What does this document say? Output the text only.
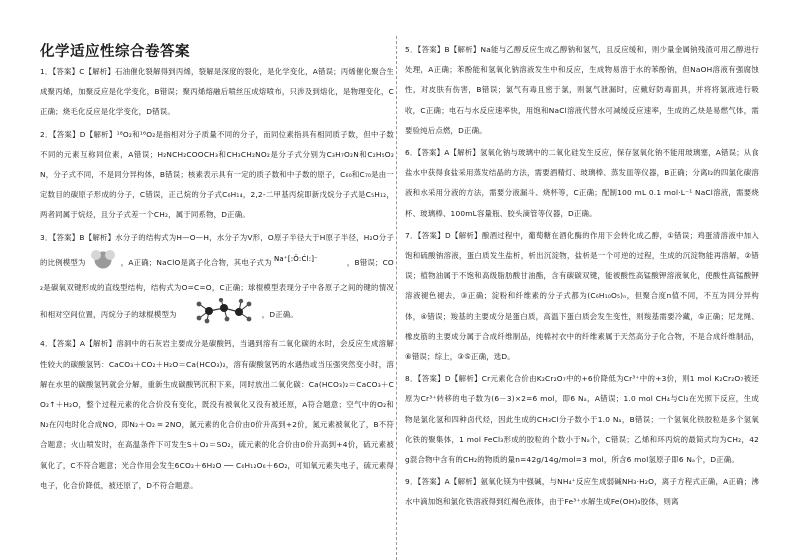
化学适应性综合卷答案

1．【答案】C【解析】石油催化裂解得到丙烯，裂解是深度的裂化，是化学变化，A错误；丙烯催化聚合生成聚丙烯，加聚反应是化学变化，B错误；聚丙烯熔融后喷丝压成熔喷布，只涉及到熔化，是物理变化，C正确；烧毛化反应是化学变化，D错误。

2．【答案】D【解析】¹⁸O₂和¹⁶O₂是指相对分子质量不同的分子，而同位素指具有相同质子数，但中子数不同的元素互称同位素，A错误；H₂NCH₂COOCH₃和CH₃CH₂NO₂是分子式分别为C₃H₇O₂N和C₂H₅O₂N，分子式不同，不是同分异构体，B错误；核素表示具有一定的质子数和中子数的原子，C₆₀和C₇₀是由一定数目的碳原子形成的分子，C错误，正己烷的分子式C₆H₁₄，2,2-二甲基丙烷即新戊烷分子式是C₅H₁₂，两者同属于烷烃，且分子式差一个CH₂，属于同系物，D正确。

3．【答案】B【解析】水分子的结构式为H—O—H，水分子为V形，O原子半径大于H原子半径，H₂O分子的比例模型为	，A正确；NaClO是离子化合物，其电子式为 Na⁺[:Ö:Ċl:]⁻	，B错误；CO₂是碳氧双键形成的直线型结构，结构式为O=C=O，C正确；球棍模型表现分子中各原子之间的键的情况和相对空间位置，丙烷分子的球棍模型为	，D正确。

4．【答案】A【解析】溶洞中的石灰岩主要成分是碳酸钙，当遇到溶有二氧化碳的水时，会反应生成溶解性较大的碳酸氢钙：CaCO₃＋CO₂＋H₂O＝Ca(HCO₃)₂，溶有碳酸氢钙的水遇热或当压强突然变小时，溶解在水里的碳酸氢钙就会分解，重新生成碳酸钙沉积下来，同时放出二氧化碳：Ca(HCO₃)₂＝CaCO₃＋CO₂↑＋H₂O，整个过程元素的化合价没有变化，既没有被氧化又没有被还原，A符合题意；空气中的O₂和N₂在闪电时化合成NO，即N₂＋O₂ ═ 2NO，氮元素的化合价由0价升高到+2价，氮元素被氧化了，B不符合题意；火山喷发时，在高温条件下可发生S＋O₂＝SO₂，硫元素的化合价由0价升高到+4价，硫元素被氧化了，C不符合题意；光合作用会发生6CO₂＋6H₂O ── C₆H₁₂O₆＋6O₂，可知氧元素失电子，硫元素得电子，化合价降低，被还原了，D不符合题意。

5．【答案】B【解析】Na能与乙醇反应生成乙醇钠和氢气，且反应缓和，则少量金属钠残渣可用乙醇进行处理，A正确；苯酚能和氢氧化钠溶液发生中和反应，生成物易溶于水的苯酚钠，但NaOH溶液有强腐蚀性，对皮肤有伤害，B错误；氯气有毒且密于氯，则氯气泄漏时，应戴好防毒面具，并将将氯液进行吸收，C正确；电石与水反应速率快，用饱和NaCl溶液代替水可减缓反应速率，生成的乙炔是易燃气体，需要验纯后点燃，D正确。

6．【答案】A【解析】氢氧化钠与玻璃中的二氧化硅发生反应，保存氢氧化钠不能用玻璃塞，A错误；从食盐水中获得食盐采用蒸发结晶的方法，需要酒精灯、玻璃棒、蒸发皿等仪器，B正确；分离I₂的四氯化碳溶液和水采用分液的方法，需要分液漏斗、烧杯等，C正确；配制100 mL 0.1 mol·L⁻¹ NaCl溶液，需要烧杯、玻璃棒、100mL容量瓶、胶头滴管等仪器，D正确。

7．【答案】D【解析】酿酒过程中，葡萄糖在酒化酶的作用下会转化成乙醇，①错误；鸡蛋清溶液中加入饱和硫酸钠溶液，蛋白质发生盐析，析出沉淀物，盐析是一个可逆的过程，生成的沉淀物能再溶解，②错误；植物油属于不饱和高级脂肪酸甘油酯，含有碳碳双键，能被酸性高锰酸钾溶液氧化，使酸性高锰酸钾溶液褪色褪去，③正确；淀粉和纤维素的分子式都为(C₆H₁₀O₅)ₙ，但聚合度n值不同，不互为同分异构体，④错误；羧基的主要成分是蛋白质，高温下蛋白质会发生变性，则羧基需要冷藏，⑤正确；尼龙绳、橡皮筋的主要成分属于合成纤维制品，纯棉衬衣中的纤维素属于天然高分子化合物，不是合成纤维制品，⑥错误；综上，③⑤正确，选D。

8．【答案】D【解析】Cr元素化合价由K₂Cr₂O₇中的+6价降低为Cr³⁺中的+3价，则1 mol K₂Cr₂O₇被还原为Cr³⁺转移的电子数为(6－3)×2=6 mol，即6 Nₐ，A错误；1.0 mol CH₄与Cl₂在光照下反应，生成物是氯化氢和四种卤代烃，因此生成的CH₃Cl分子数小于1.0 Nₐ，B错误；一个氢氧化铁胶粒是多个氢氧化铁的聚集体，1 mol FeCl₃形成的胶粒的个数小于Nₐ个，C错误；乙烯和环丙烷的最简式均为CH₂，42 g混合物中含有的CH₂的物质的量n=42g/14g/mol=3 mol，所含6 mol氢原子即6 Nₐ个，D正确。

9．【答案】A【解析】氨氧化镁为中强碱，与NH₄⁺反应生成弱碱NH₃·H₂O，离子方程式正确，A正确；沸水中滴加饱和氯化铁溶液得到红褐色液体，由于Fe³⁺水解生成Fe(OH)₃胶体，则离
